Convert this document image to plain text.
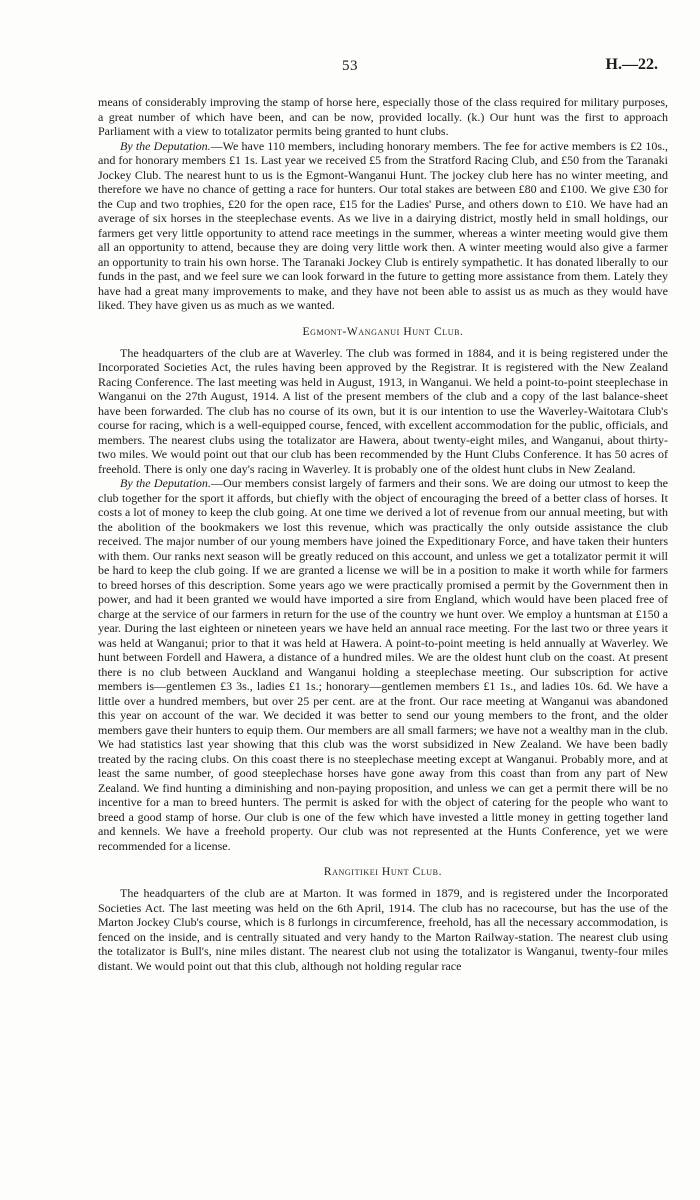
53	H.—22.

means of considerably improving the stamp of horse here, especially those of the class required for military purposes, a great number of which have been, and can be now, provided locally. (k.) Our hunt was the first to approach Parliament with a view to totalizator permits being granted to hunt clubs.

By the Deputation.—We have 110 members, including honorary members. The fee for active members is £2 10s., and for honorary members £1 1s. Last year we received £5 from the Stratford Racing Club, and £50 from the Taranaki Jockey Club. The nearest hunt to us is the Egmont-Wanganui Hunt. The jockey club here has no winter meeting, and therefore we have no chance of getting a race for hunters. Our total stakes are between £80 and £100. We give £30 for the Cup and two trophies, £20 for the open race, £15 for the Ladies' Purse, and others down to £10. We have had an average of six horses in the steeplechase events. As we live in a dairying district, mostly held in small holdings, our farmers get very little opportunity to attend race meetings in the summer, whereas a winter meeting would give them all an opportunity to attend, because they are doing very little work then. A winter meeting would also give a farmer an opportunity to train his own horse. The Taranaki Jockey Club is entirely sympathetic. It has donated liberally to our funds in the past, and we feel sure we can look forward in the future to getting more assistance from them. Lately they have had a great many improvements to make, and they have not been able to assist us as much as they would have liked. They have given us as much as we wanted.

Egmont-Wanganui Hunt Club.

The headquarters of the club are at Waverley. The club was formed in 1884, and it is being registered under the Incorporated Societies Act, the rules having been approved by the Registrar. It is registered with the New Zealand Racing Conference. The last meeting was held in August, 1913, in Wanganui. We held a point-to-point steeplechase in Wanganui on the 27th August, 1914. A list of the present members of the club and a copy of the last balance-sheet have been forwarded. The club has no course of its own, but it is our intention to use the Waverley-Waitotara Club's course for racing, which is a well-equipped course, fenced, with excellent accommodation for the public, officials, and members. The nearest clubs using the totalizator are Hawera, about twenty-eight miles, and Wanganui, about thirty-two miles. We would point out that our club has been recommended by the Hunt Clubs Conference. It has 50 acres of freehold. There is only one day's racing in Waverley. It is probably one of the oldest hunt clubs in New Zealand.

By the Deputation.—Our members consist largely of farmers and their sons. We are doing our utmost to keep the club together for the sport it affords, but chiefly with the object of encouraging the breed of a better class of horses. It costs a lot of money to keep the club going. At one time we derived a lot of revenue from our annual meeting, but with the abolition of the bookmakers we lost this revenue, which was practically the only outside assistance the club received. The major number of our young members have joined the Expeditionary Force, and have taken their hunters with them. Our ranks next season will be greatly reduced on this account, and unless we get a totalizator permit it will be hard to keep the club going. If we are granted a license we will be in a position to make it worth while for farmers to breed horses of this description. Some years ago we were practically promised a permit by the Government then in power, and had it been granted we would have imported a sire from England, which would have been placed free of charge at the service of our farmers in return for the use of the country we hunt over. We employ a huntsman at £150 a year. During the last eighteen or nineteen years we have held an annual race meeting. For the last two or three years it was held at Wanganui; prior to that it was held at Hawera. A point-to-point meeting is held annually at Waverley. We hunt between Fordell and Hawera, a distance of a hundred miles. We are the oldest hunt club on the coast. At present there is no club between Auckland and Wanganui holding a steeplechase meeting. Our subscription for active members is—gentlemen £3 3s., ladies £1 1s.; honorary—gentlemen members £1 1s., and ladies 10s. 6d. We have a little over a hundred members, but over 25 per cent. are at the front. Our race meeting at Wanganui was abandoned this year on account of the war. We decided it was better to send our young members to the front, and the older members gave their hunters to equip them. Our members are all small farmers; we have not a wealthy man in the club. We had statistics last year showing that this club was the worst subsidized in New Zealand. We have been badly treated by the racing clubs. On this coast there is no steeplechase meeting except at Wanganui. Probably more, and at least the same number, of good steeplechase horses have gone away from this coast than from any part of New Zealand. We find hunting a diminishing and non-paying proposition, and unless we can get a permit there will be no incentive for a man to breed hunters. The permit is asked for with the object of catering for the people who want to breed a good stamp of horse. Our club is one of the few which have invested a little money in getting together land and kennels. We have a freehold property. Our club was not represented at the Hunts Conference, yet we were recommended for a license.

Rangitikei Hunt Club.

The headquarters of the club are at Marton. It was formed in 1879, and is registered under the Incorporated Societies Act. The last meeting was held on the 6th April, 1914. The club has no racecourse, but has the use of the Marton Jockey Club's course, which is 8 furlongs in circumference, freehold, has all the necessary accommodation, is fenced on the inside, and is centrally situated and very handy to the Marton Railway-station. The nearest club using the totalizator is Bull's, nine miles distant. The nearest club not using the totalizator is Wanganui, twenty-four miles distant. We would point out that this club, although not holding regular race
